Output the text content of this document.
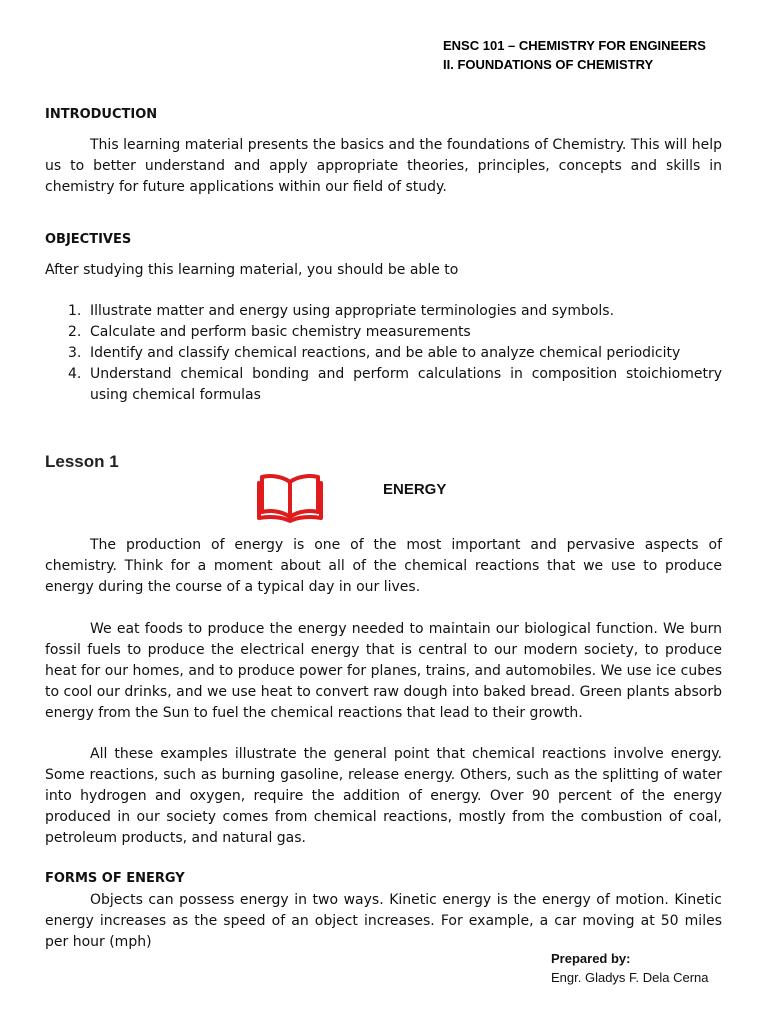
ENSC 101 – CHEMISTRY FOR ENGINEERS
II. FOUNDATIONS OF CHEMISTRY
INTRODUCTION
This learning material presents the basics and the foundations of Chemistry. This will help us to better understand and apply appropriate theories, principles, concepts and skills in chemistry for future applications within our field of study.
OBJECTIVES
After studying this learning material, you should be able to
1. Illustrate matter and energy using appropriate terminologies and symbols.
2. Calculate and perform basic chemistry measurements
3. Identify and classify chemical reactions, and be able to analyze chemical periodicity
4. Understand chemical bonding and perform calculations in composition stoichiometry using chemical formulas
Lesson 1
ENERGY
The production of energy is one of the most important and pervasive aspects of chemistry. Think for a moment about all of the chemical reactions that we use to produce energy during the course of a typical day in our lives.
We eat foods to produce the energy needed to maintain our biological function. We burn fossil fuels to produce the electrical energy that is central to our modern society, to produce heat for our homes, and to produce power for planes, trains, and automobiles. We use ice cubes to cool our drinks, and we use heat to convert raw dough into baked bread. Green plants absorb energy from the Sun to fuel the chemical reactions that lead to their growth.
All these examples illustrate the general point that chemical reactions involve energy. Some reactions, such as burning gasoline, release energy. Others, such as the splitting of water into hydrogen and oxygen, require the addition of energy. Over 90 percent of the energy produced in our society comes from chemical reactions, mostly from the combustion of coal, petroleum products, and natural gas.
FORMS OF ENERGY
Objects can possess energy in two ways. Kinetic energy is the energy of motion. Kinetic energy increases as the speed of an object increases. For example, a car moving at 50 miles per hour (mph)
Prepared by:
Engr. Gladys F. Dela Cerna
